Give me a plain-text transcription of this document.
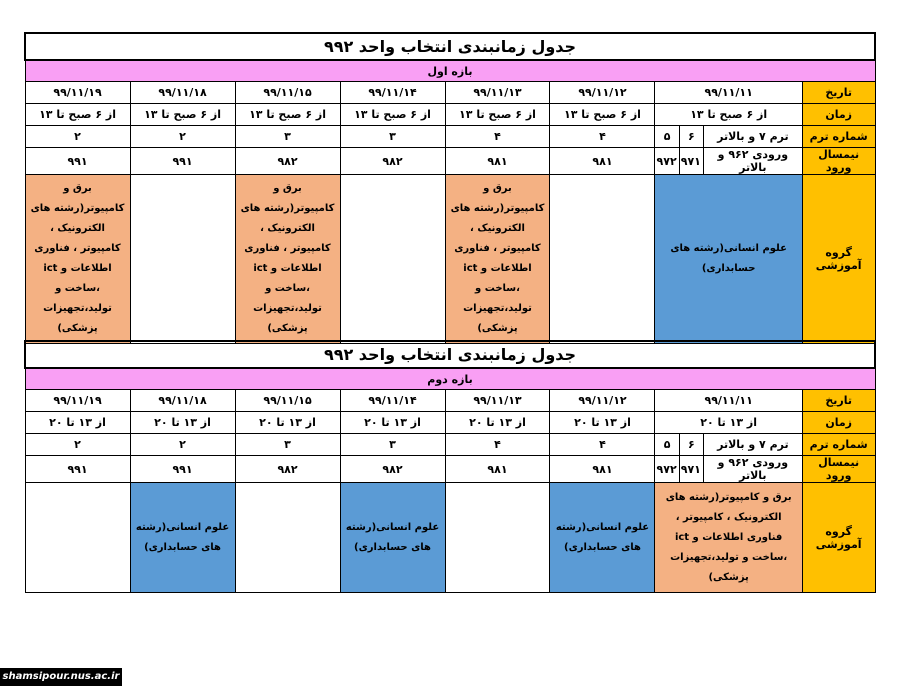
جدول زمانبندی انتخاب واحد ۹۹۲									
بازه اول									
تاریخ	۹۹/۱۱/۱۱			۹۹/۱۱/۱۲	۹۹/۱۱/۱۳	۹۹/۱۱/۱۴	۹۹/۱۱/۱۵	۹۹/۱۱/۱۸	۹۹/۱۱/۱۹
زمان	از ۶ صبح تا ۱۳			از ۶ صبح تا ۱۳	از ۶ صبح تا ۱۳	از ۶ صبح تا ۱۳	از ۶ صبح تا ۱۳	از ۶ صبح تا ۱۳	از ۶ صبح تا ۱۳
شماره ترم	ترم ۷ و بالاتر	۶	۵	۴	۴	۳	۳	۲	۲
نیمسال ورود	ورودی ۹۶۲ و بالاتر	۹۷۱	۹۷۲	۹۸۱	۹۸۱	۹۸۲	۹۸۲	۹۹۱	۹۹۱
گروه آموزشی	علوم انسانی(رشته های حسابداری)				برق و کامپیوتر(رشته های الکترونیک ، کامپیوتر ، فناوری اطلاعات و ict ،ساخت و تولید،تجهیزات پزشکی)		برق و کامپیوتر(رشته های الکترونیک ، کامپیوتر ، فناوری اطلاعات و ict ،ساخت و تولید،تجهیزات پزشکی)		برق و کامپیوتر(رشته های الکترونیک ، کامپیوتر ، فناوری اطلاعات و ict ،ساخت و تولید،تجهیزات پزشکی)
جدول زمانبندی انتخاب واحد ۹۹۲									
بازه دوم									
تاریخ	۹۹/۱۱/۱۱			۹۹/۱۱/۱۲	۹۹/۱۱/۱۳	۹۹/۱۱/۱۴	۹۹/۱۱/۱۵	۹۹/۱۱/۱۸	۹۹/۱۱/۱۹
زمان	از ۱۳ تا ۲۰			از ۱۳ تا ۲۰	از ۱۳ تا ۲۰	از ۱۳ تا ۲۰	از ۱۳ تا ۲۰	از ۱۳ تا ۲۰	از ۱۳ تا ۲۰
شماره ترم	ترم ۷ و بالاتر	۶	۵	۴	۴	۳	۳	۲	۲
نیمسال ورود	ورودی ۹۶۲ و بالاتر	۹۷۱	۹۷۲	۹۸۱	۹۸۱	۹۸۲	۹۸۲	۹۹۱	۹۹۱
گروه آموزشی	برق و کامپیوتر(رشته های الکترونیک ، کامپیوتر ، فناوری اطلاعات و ict ،ساخت و تولید،تجهیزات پزشکی)			علوم انسانی(رشته های حسابداری)		علوم انسانی(رشته های حسابداری)		علوم انسانی(رشته های حسابداری)	
shamsipour.nus.ac.ir
